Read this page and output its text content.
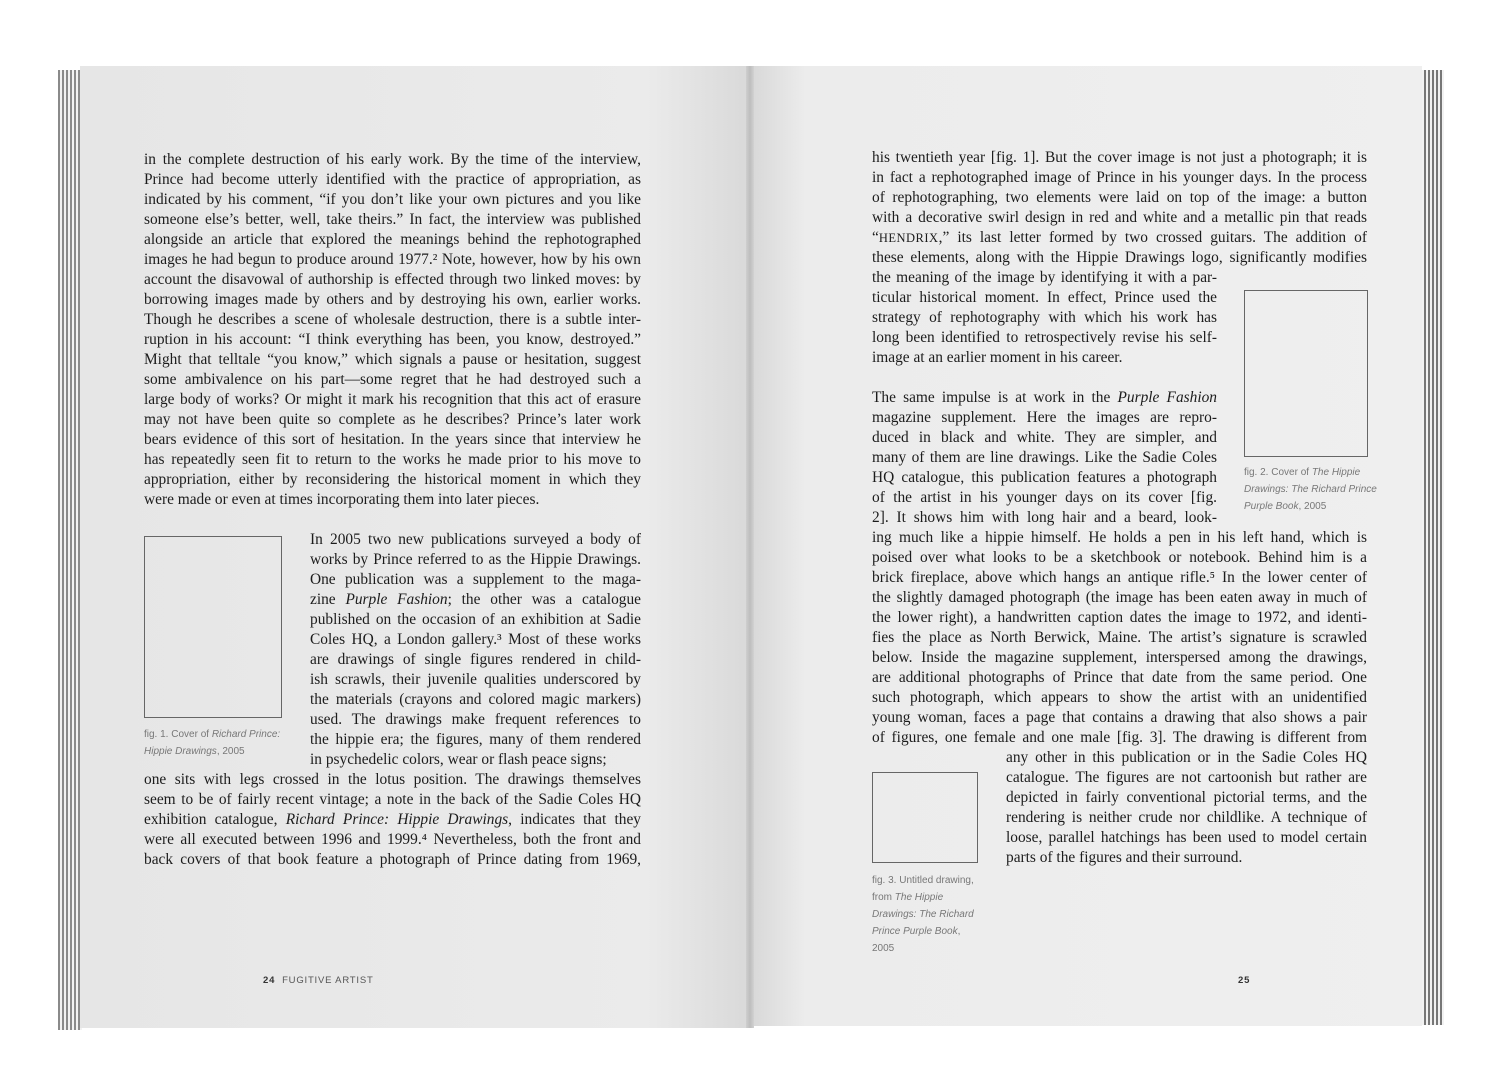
in the complete destruction of his early work. By the time of the interview,
Prince had become utterly identified with the practice of appropriation, as
indicated by his comment, “if you don’t like your own pictures and you like
someone else’s better, well, take theirs.” In fact, the interview was published
alongside an article that explored the meanings behind the rephotographed
images he had begun to produce around 1977.² Note, however, how by his own
account the disavowal of authorship is effected through two linked moves: by
borrowing images made by others and by destroying his own, earlier works.
Though he describes a scene of wholesale destruction, there is a subtle inter-
ruption in his account: “I think everything has been, you know, destroyed.”
Might that telltale “you know,” which signals a pause or hesitation, suggest
some ambivalence on his part—some regret that he had destroyed such a
large body of works? Or might it mark his recognition that this act of erasure
may not have been quite so complete as he describes? Prince’s later work
bears evidence of this sort of hesitation. In the years since that interview he
has repeatedly seen fit to return to the works he made prior to his move to
appropriation, either by reconsidering the historical moment in which they
were made or even at times incorporating them into later pieces.
fig. 1. Cover of Richard Prince:
Hippie Drawings, 2005
In 2005 two new publications surveyed a body of
works by Prince referred to as the Hippie Drawings.
One publication was a supplement to the maga-
zine Purple Fashion; the other was a catalogue
published on the occasion of an exhibition at Sadie
Coles HQ, a London gallery.³ Most of these works
are drawings of single figures rendered in child-
ish scrawls, their juvenile qualities underscored by
the materials (crayons and colored magic markers)
used. The drawings make frequent references to
the hippie era; the figures, many of them rendered
in psychedelic colors, wear or flash peace signs;
one sits with legs crossed in the lotus position. The drawings themselves
seem to be of fairly recent vintage; a note in the back of the Sadie Coles HQ
exhibition catalogue, Richard Prince: Hippie Drawings, indicates that they
were all executed between 1996 and 1999.⁴ Nevertheless, both the front and
back covers of that book feature a photograph of Prince dating from 1969,
24 FUGITIVE ARTIST
his twentieth year [fig. 1]. But the cover image is not just a photograph; it is
in fact a rephotographed image of Prince in his younger days. In the process
of rephotographing, two elements were laid on top of the image: a button
with a decorative swirl design in red and white and a metallic pin that reads
“HENDRIX,” its last letter formed by two crossed guitars. The addition of
these elements, along with the Hippie Drawings logo, significantly modifies
the meaning of the image by identifying it with a par-
ticular historical moment. In effect, Prince used the
strategy of rephotography with which his work has
long been identified to retrospectively revise his self-
image at an earlier moment in his career.
fig. 2. Cover of The Hippie
Drawings: The Richard Prince
Purple Book, 2005
The same impulse is at work in the Purple Fashion
magazine supplement. Here the images are repro-
duced in black and white. They are simpler, and
many of them are line drawings. Like the Sadie Coles
HQ catalogue, this publication features a photograph
of the artist in his younger days on its cover [fig.
2]. It shows him with long hair and a beard, look-
ing much like a hippie himself. He holds a pen in his left hand, which is
poised over what looks to be a sketchbook or notebook. Behind him is a
brick fireplace, above which hangs an antique rifle.⁵ In the lower center of
the slightly damaged photograph (the image has been eaten away in much of
the lower right), a handwritten caption dates the image to 1972, and identi-
fies the place as North Berwick, Maine. The artist’s signature is scrawled
below. Inside the magazine supplement, interspersed among the drawings,
are additional photographs of Prince that date from the same period. One
such photograph, which appears to show the artist with an unidentified
young woman, faces a page that contains a drawing that also shows a pair
of figures, one female and one male [fig. 3]. The drawing is different from
fig. 3. Untitled drawing,
from The Hippie
Drawings: The Richard
Prince Purple Book,
2005
any other in this publication or in the Sadie Coles HQ
catalogue. The figures are not cartoonish but rather are
depicted in fairly conventional pictorial terms, and the
rendering is neither crude nor childlike. A technique of
loose, parallel hatchings has been used to model certain
parts of the figures and their surround.
25
